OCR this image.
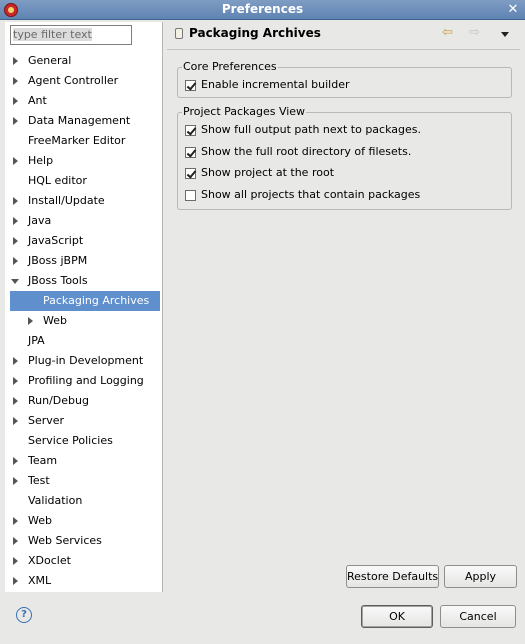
Preferences	✕
type filter text
General
Agent Controller
Ant
Data Management
FreeMarker Editor
Help
HQL editor
Install/Update
Java
JavaScript
JBoss jBPM
JBoss Tools
Packaging Archives
Web
JPA
Plug-in Development
Profiling and Logging
Run/Debug
Server
Service Policies
Team
Test
Validation
Web
Web Services
XDoclet
XML
Packaging Archives	⇦	⇨
Core Preferences
Enable incremental builder
Project Packages View
Show full output path next to packages.
Show the full root directory of filesets.
Show project at the root
Show all projects that contain packages
Restore Defaults	Apply
?	OK	Cancel
